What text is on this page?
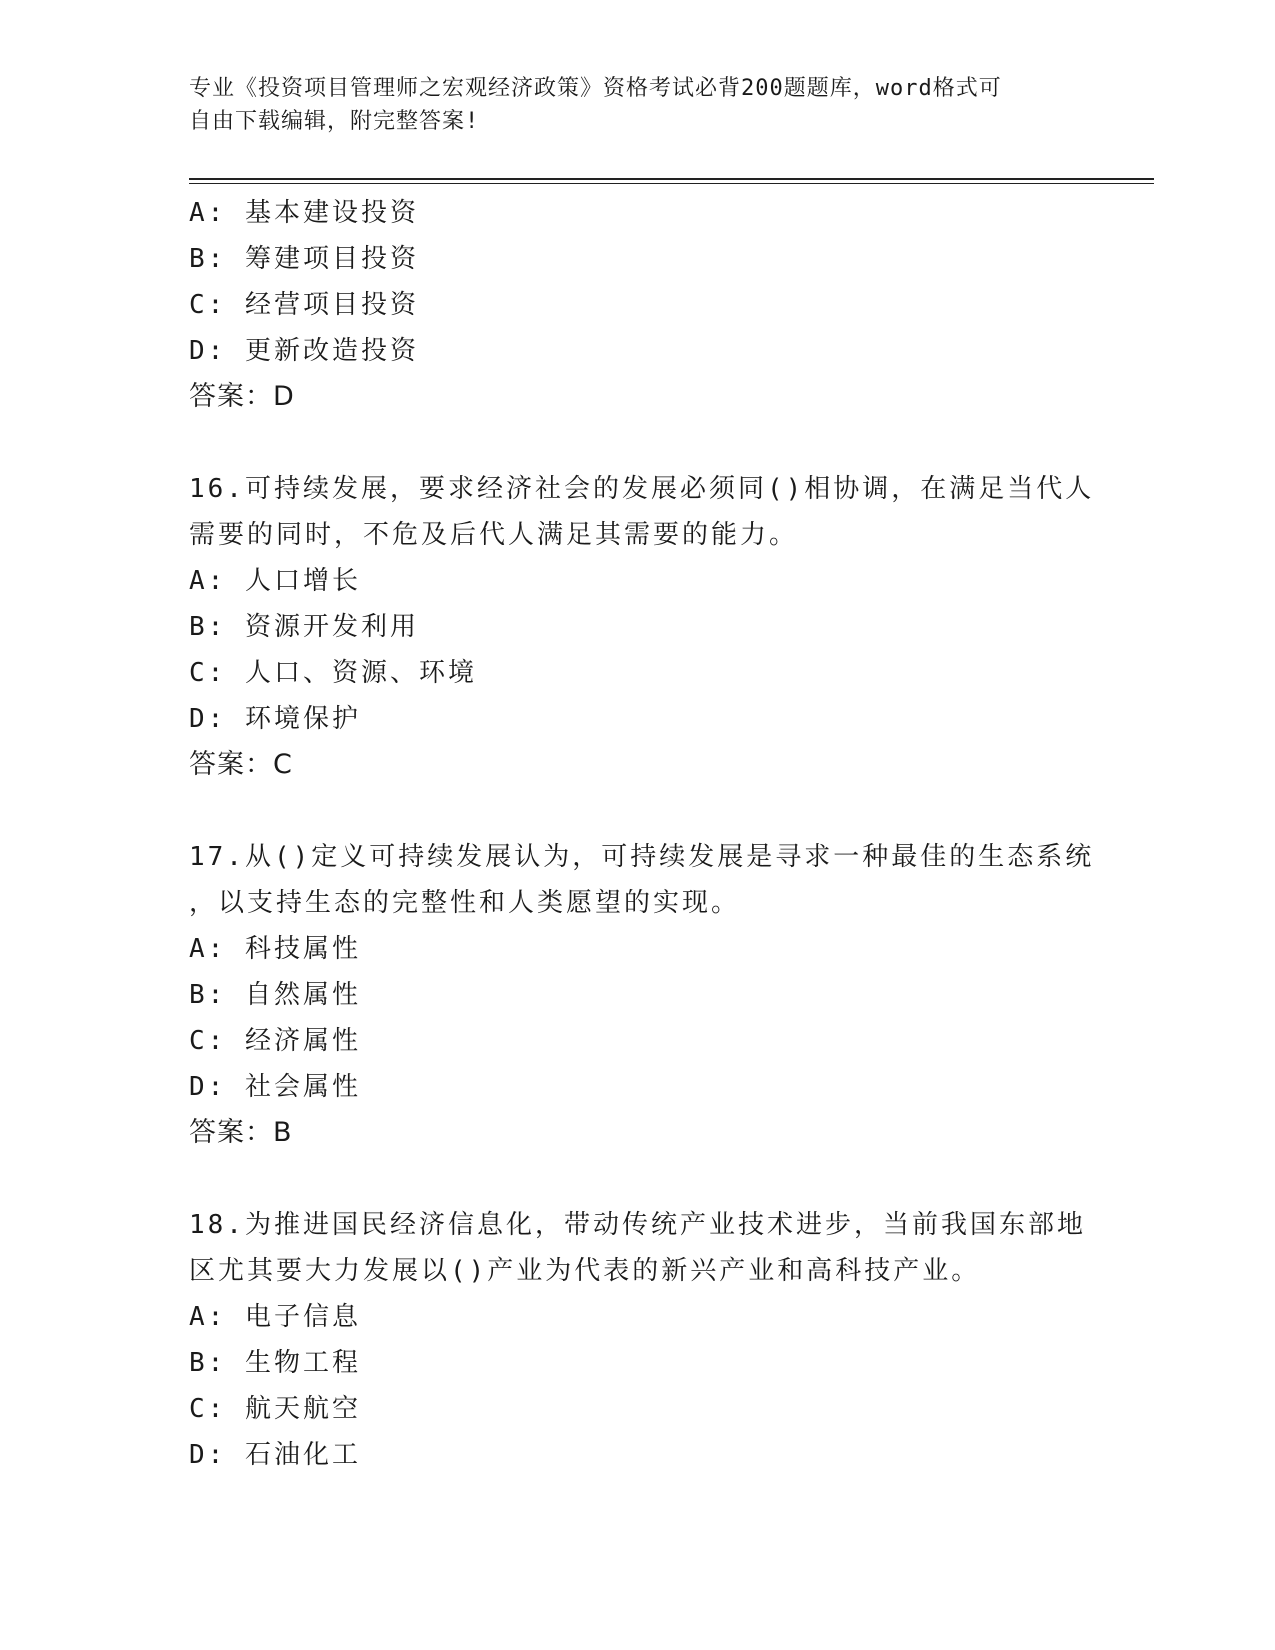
专业《投资项目管理师之宏观经济政策》资格考试必背200题题库，word格式可
自由下载编辑，附完整答案!
A: 基本建设投资
B: 筹建项目投资
C: 经营项目投资
D: 更新改造投资
答案：D
16.可持续发展，要求经济社会的发展必须同()相协调，在满足当代人
需要的同时，不危及后代人满足其需要的能力。
A: 人口增长
B: 资源开发利用
C: 人口、资源、环境
D: 环境保护
答案：C
17.从()定义可持续发展认为，可持续发展是寻求一种最佳的生态系统
，以支持生态的完整性和人类愿望的实现。
A: 科技属性
B: 自然属性
C: 经济属性
D: 社会属性
答案：B
18.为推进国民经济信息化，带动传统产业技术进步，当前我国东部地
区尤其要大力发展以()产业为代表的新兴产业和高科技产业。
A: 电子信息
B: 生物工程
C: 航天航空
D: 石油化工
